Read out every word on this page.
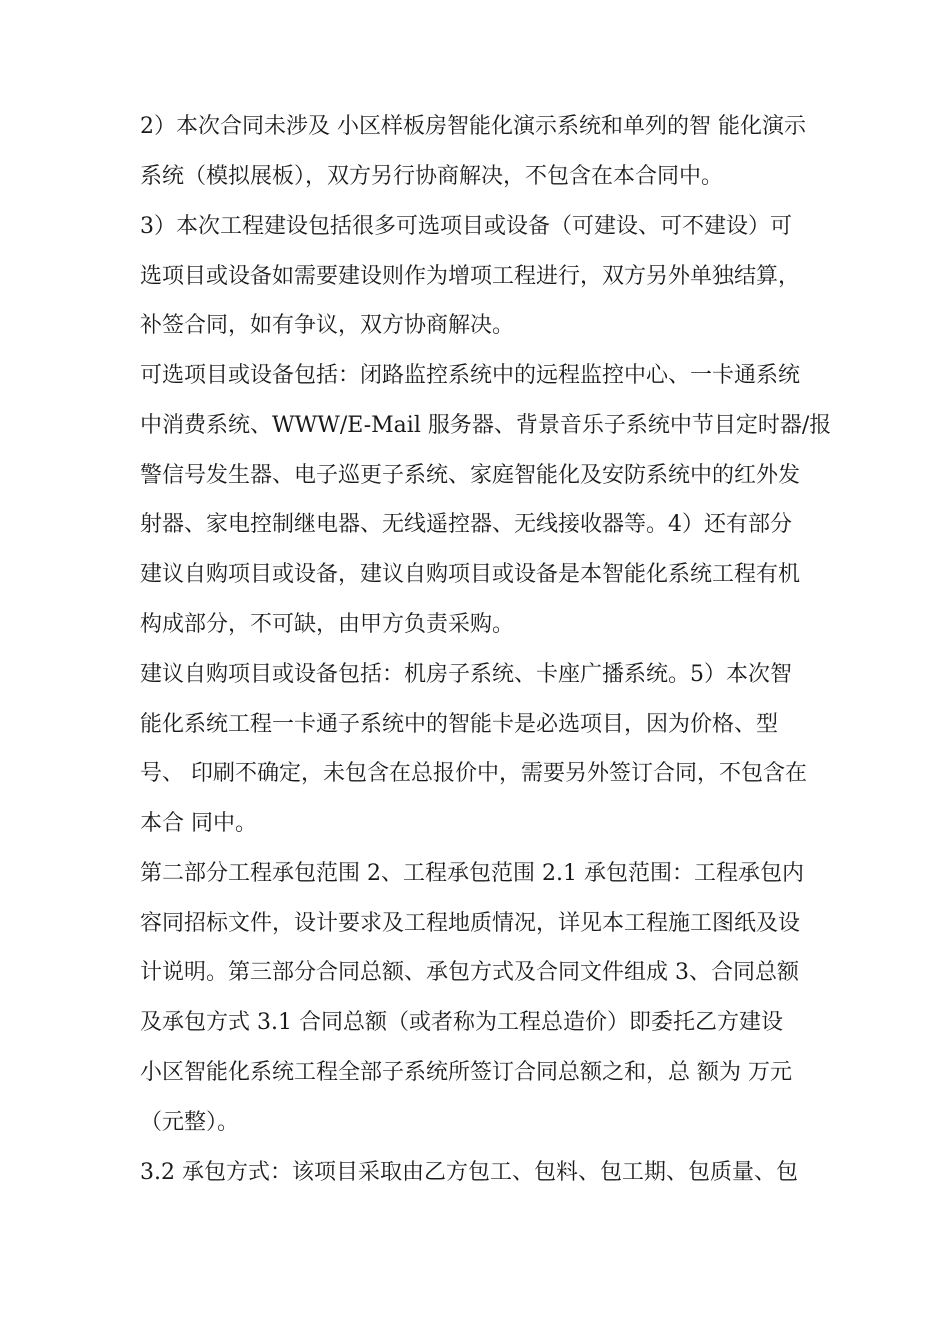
2）本次合同未涉及 小区样板房智能化演示系统和单列的智 能化演示
系统（模拟展板），双方另行协商解决，不包含在本合同中。
3）本次工程建设包括很多可选项目或设备（可建设、可不建设）可
选项目或设备如需要建设则作为增项工程进行，双方另外单独结算，
补签合同，如有争议，双方协商解决。
可选项目或设备包括：闭路监控系统中的远程监控中心、一卡通系统
中消费系统、WWW/E-Mail 服务器、背景音乐子系统中节目定时器/报
警信号发生器、电子巡更子系统、家庭智能化及安防系统中的红外发
射器、家电控制继电器、无线遥控器、无线接收器等。4）还有部分
建议自购项目或设备，建议自购项目或设备是本智能化系统工程有机
构成部分，不可缺，由甲方负责采购。
建议自购项目或设备包括：机房子系统、卡座广播系统。5）本次智
能化系统工程一卡通子系统中的智能卡是必选项目，因为价格、型
号、 印刷不确定，未包含在总报价中，需要另外签订合同，不包含在
本合 同中。
第二部分工程承包范围 2、工程承包范围 2.1 承包范围：工程承包内
容同招标文件，设计要求及工程地质情况，详见本工程施工图纸及设
计说明。第三部分合同总额、承包方式及合同文件组成 3、合同总额
及承包方式 3.1 合同总额（或者称为工程总造价）即委托乙方建设
小区智能化系统工程全部子系统所签订合同总额之和，总 额为 万元
（元整）。
3.2 承包方式：该项目采取由乙方包工、包料、包工期、包质量、包
